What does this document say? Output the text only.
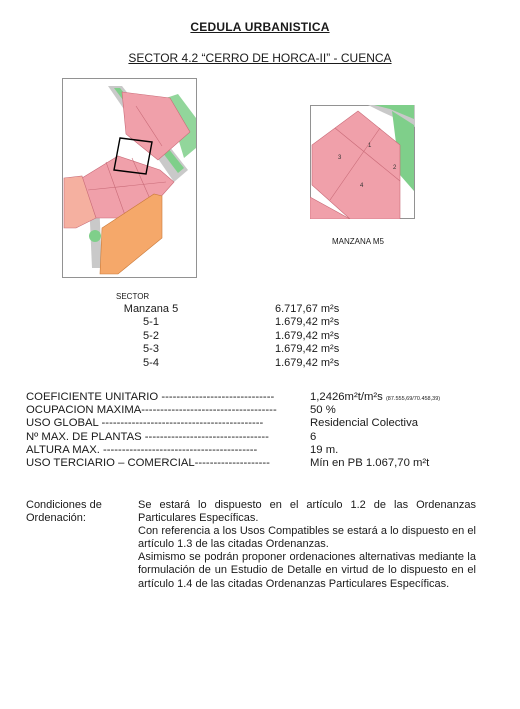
CEDULA URBANISTICA
SECTOR 4.2 “CERRO DE HORCA-II” - CUENCA
1
2
3
4
MANZANA M5
SECTOR
Manzana 5	6.717,67 m²s
5-1	1.679,42 m²s
5-2	1.679,42 m²s
5-3	1.679,42 m²s
5-4	1.679,42 m²s
COEFICIENTE UNITARIO ------------------------------	1,2426m²t/m²s (87.555,69/70.458,39)
OCUPACION MAXIMA------------------------------------	50 %
USO GLOBAL -------------------------------------------	Residencial Colectiva
Nº MAX. DE PLANTAS ---------------------------------	6
ALTURA MAX. -----------------------------------------	19 m.
USO TERCIARIO – COMERCIAL--------------------	Mín en PB 1.067,70 m²t
Condiciones de Ordenación:

Se estará lo dispuesto en el artículo 1.2 de las Ordenanzas Particulares Específicas.

Con referencia a los Usos Compatibles se estará a lo dispuesto en el artículo 1.3 de las citadas Ordenanzas.

Asimismo se podrán proponer ordenaciones alternativas mediante la formulación de un Estudio de Detalle en virtud de lo dispuesto en el artículo 1.4 de las citadas Ordenanzas Particulares Específicas.
